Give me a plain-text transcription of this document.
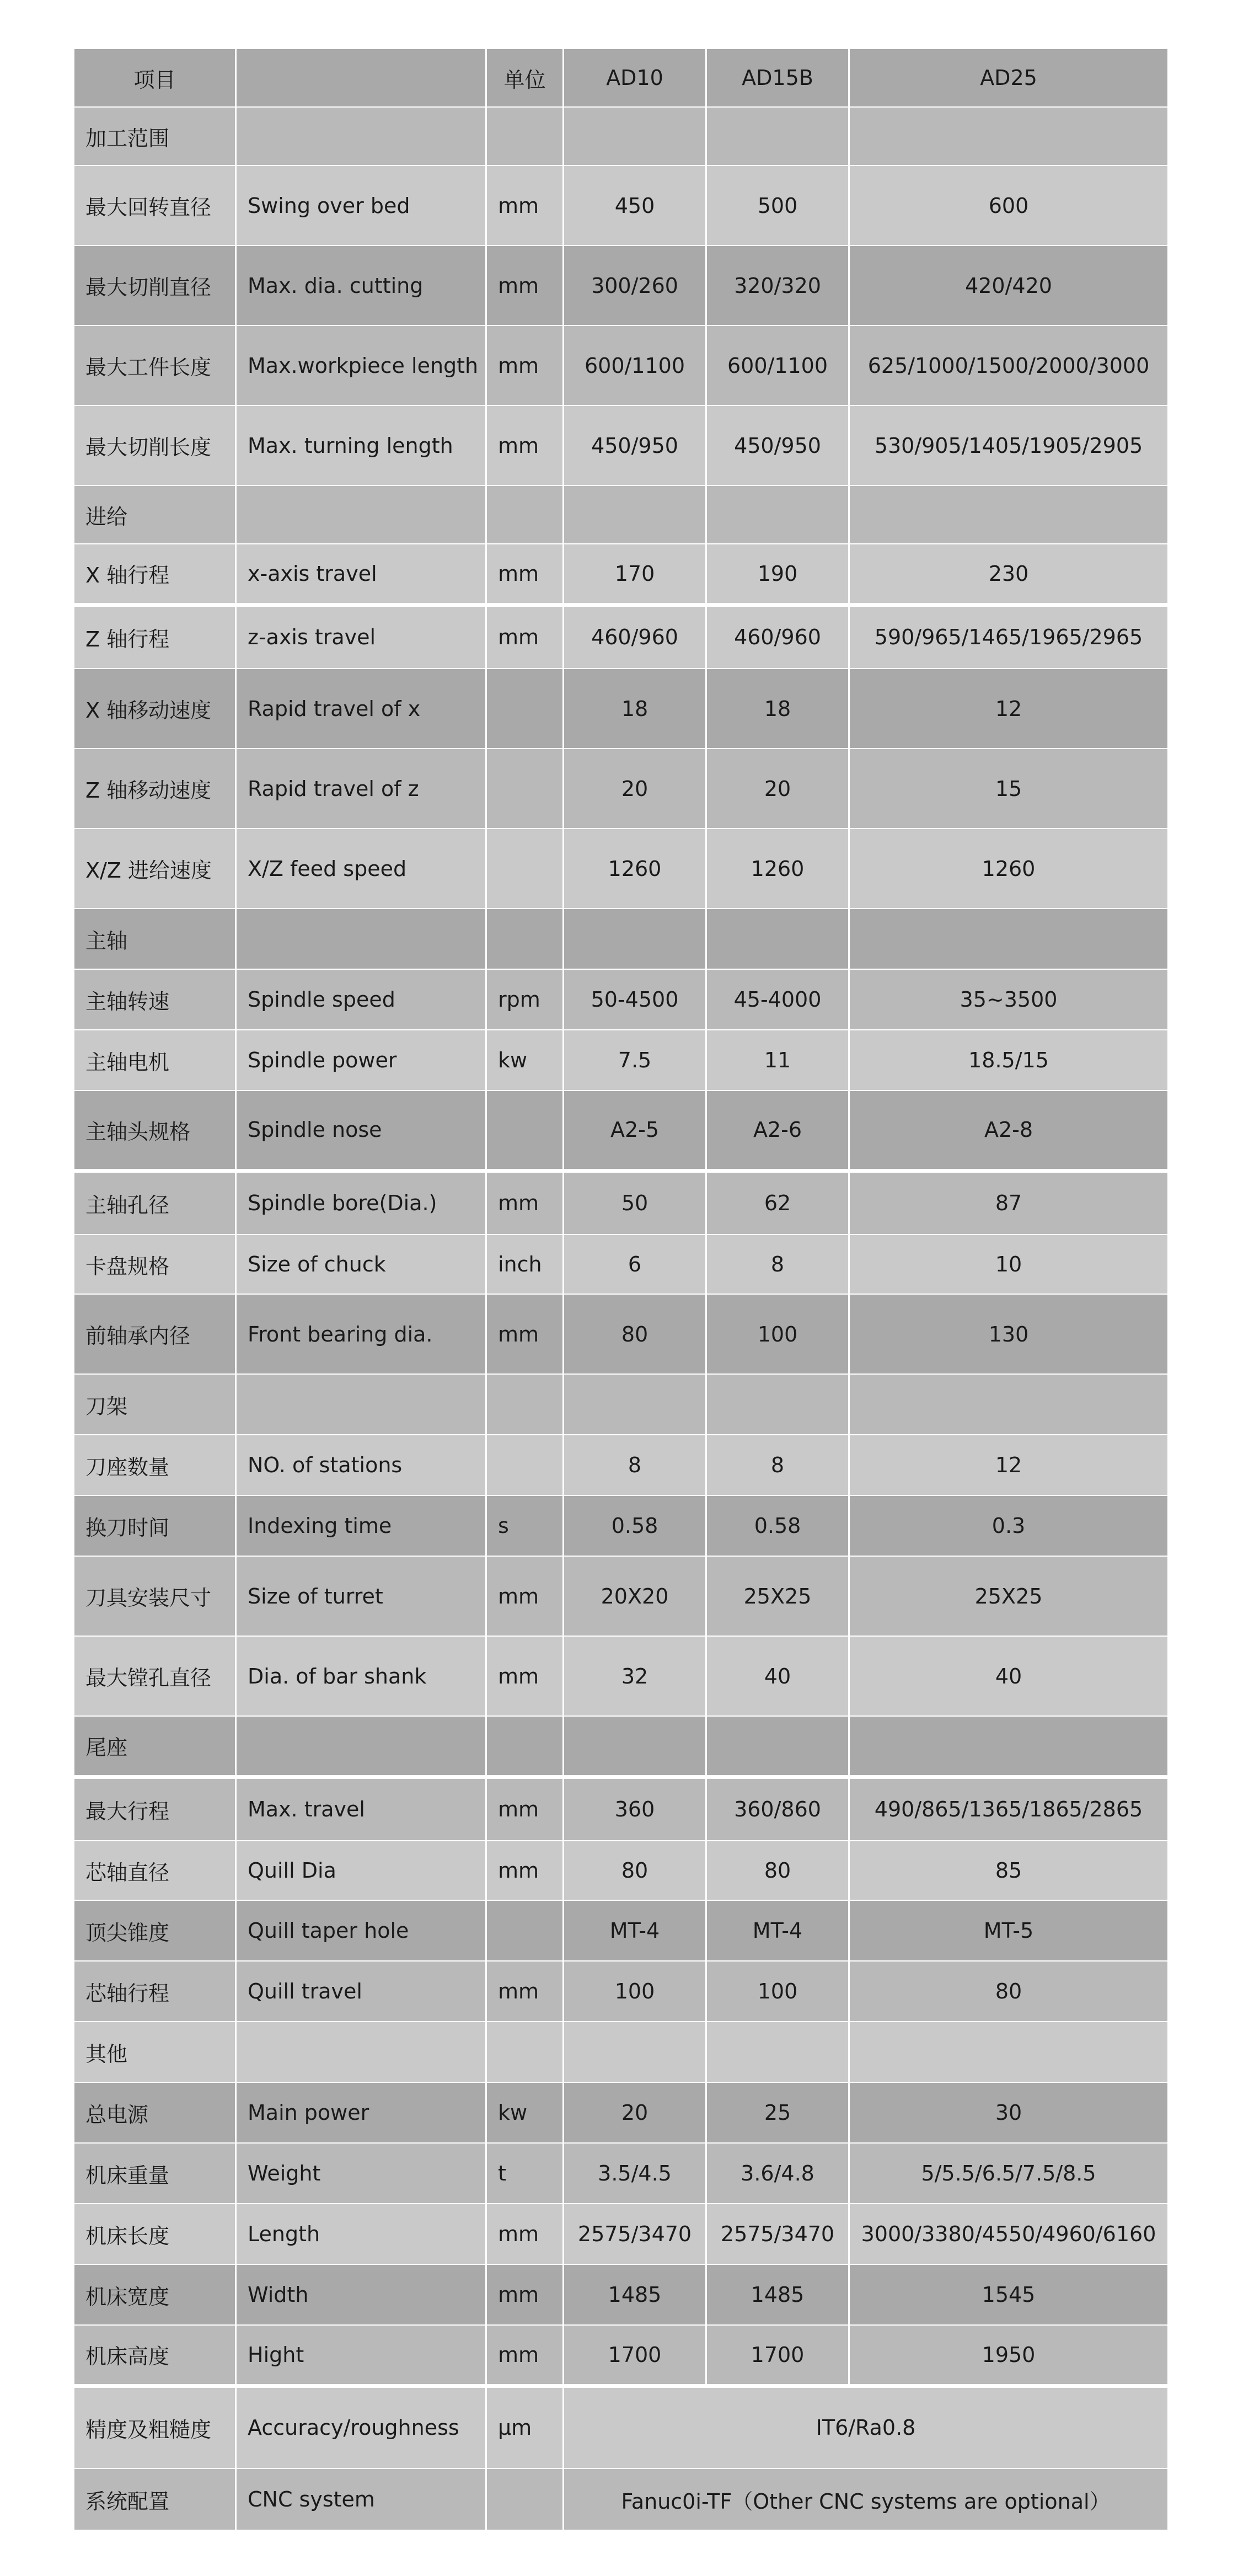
项目		单位	AD10	AD15B	AD25
加工范围					
最大回转直径	Swing over bed	mm	450	500	600
最大切削直径	Max. dia. cutting	mm	300/260	320/320	420/420
最大工件长度	Max.workpiece length	mm	600/1100	600/1100	625/1000/1500/2000/3000
最大切削长度	Max. turning length	mm	450/950	450/950	530/905/1405/1905/2905
进给					
X 轴行程	x-axis travel	mm	170	190	230
Z 轴行程	z-axis travel	mm	460/960	460/960	590/965/1465/1965/2965
X 轴移动速度	Rapid travel of x		18	18	12
Z 轴移动速度	Rapid travel of z		20	20	15
X/Z 进给速度	X/Z feed speed		1260	1260	1260
主轴					
主轴转速	Spindle speed	rpm	50-4500	45-4000	35~3500
主轴电机	Spindle power	kw	7.5	11	18.5/15
主轴头规格	Spindle nose		A2-5	A2-6	A2-8
主轴孔径	Spindle bore(Dia.)	mm	50	62	87
卡盘规格	Size of chuck	inch	6	8	10
前轴承内径	Front bearing dia.	mm	80	100	130
刀架					
刀座数量	NO. of stations		8	8	12
换刀时间	Indexing time	s	0.58	0.58	0.3
刀具安装尺寸	Size of turret	mm	20X20	25X25	25X25
最大镗孔直径	Dia. of bar shank	mm	32	40	40
尾座					
最大行程	Max. travel	mm	360	360/860	490/865/1365/1865/2865
芯轴直径	Quill Dia	mm	80	80	85
顶尖锥度	Quill taper hole		MT-4	MT-4	MT-5
芯轴行程	Quill travel	mm	100	100	80
其他					
总电源	Main power	kw	20	25	30
机床重量	Weight	t	3.5/4.5	3.6/4.8	5/5.5/6.5/7.5/8.5
机床长度	Length	mm	2575/3470	2575/3470	3000/3380/4550/4960/6160
机床宽度	Width	mm	1485	1485	1545
机床高度	Hight	mm	1700	1700	1950
精度及粗糙度	Accuracy/roughness	μm	IT6/Ra0.8		
系统配置	CNC system		Fanuc0i-TF（Other CNC systems are optional）		
